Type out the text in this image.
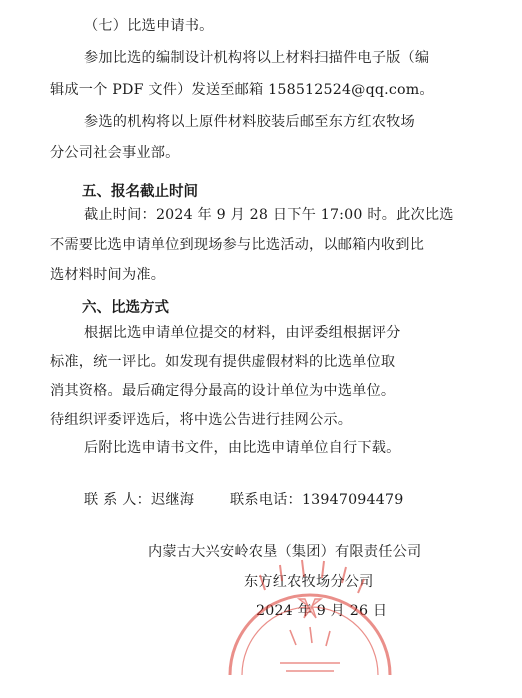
（七）比选申请书。
参加比选的编制设计机构将以上材料扫描件电子版（编
辑成一个 PDF 文件）发送至邮箱 158512524@qq.com。
参选的机构将以上原件材料胶装后邮至东方红农牧场
分公司社会事业部。
五、报名截止时间
截止时间：2024 年 9 月 28 日下午 17:00 时。此次比选
不需要比选申请单位到现场参与比选活动，以邮箱内收到比
选材料时间为准。
六、比选方式
根据比选申请单位提交的材料，由评委组根据评分
标准，统一评比。如发现有提供虚假材料的比选单位取
消其资格。最后确定得分最高的设计单位为中选单位。
待组织评委评选后，将中选公告进行挂网公示。
后附比选申请书文件，由比选申请单位自行下载。
联 系 人：迟继海	联系电话：13947094479
内蒙古大兴安岭农垦（集团）有限责任公司
东方红农牧场分公司
2024 年 9 月 26 日
